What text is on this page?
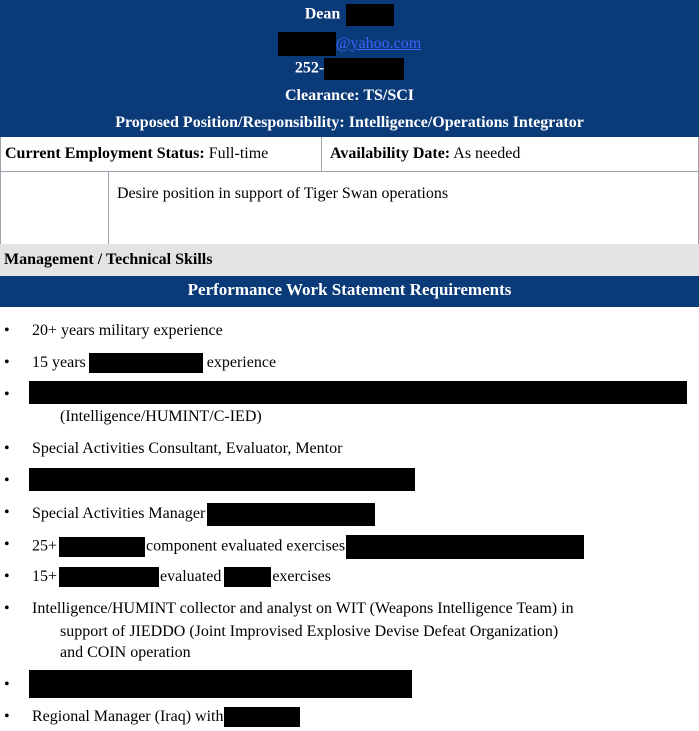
Dean
@yahoo.com
252-
Clearance: TS/SCI
Proposed Position/Responsibility: Intelligence/Operations Integrator
Current Employment Status: Full-time	Availability Date: As needed
Desire position in support of Tiger Swan operations
Management / Technical Skills
Performance Work Statement Requirements
• 20+ years military experience
• 15 years	experience
•
(Intelligence/HUMINT/C-IED)
• Special Activities Consultant, Evaluator, Mentor
•
• Special Activities Manager
• 25+	component evaluated exercises
• 15+	evaluated	exercises
• Intelligence/HUMINT collector and analyst on WIT (Weapons Intelligence Team) in
support of JIEDDO (Joint Improvised Explosive Devise Defeat Organization)
and COIN operation
•
• Regional Manager (Iraq) with
